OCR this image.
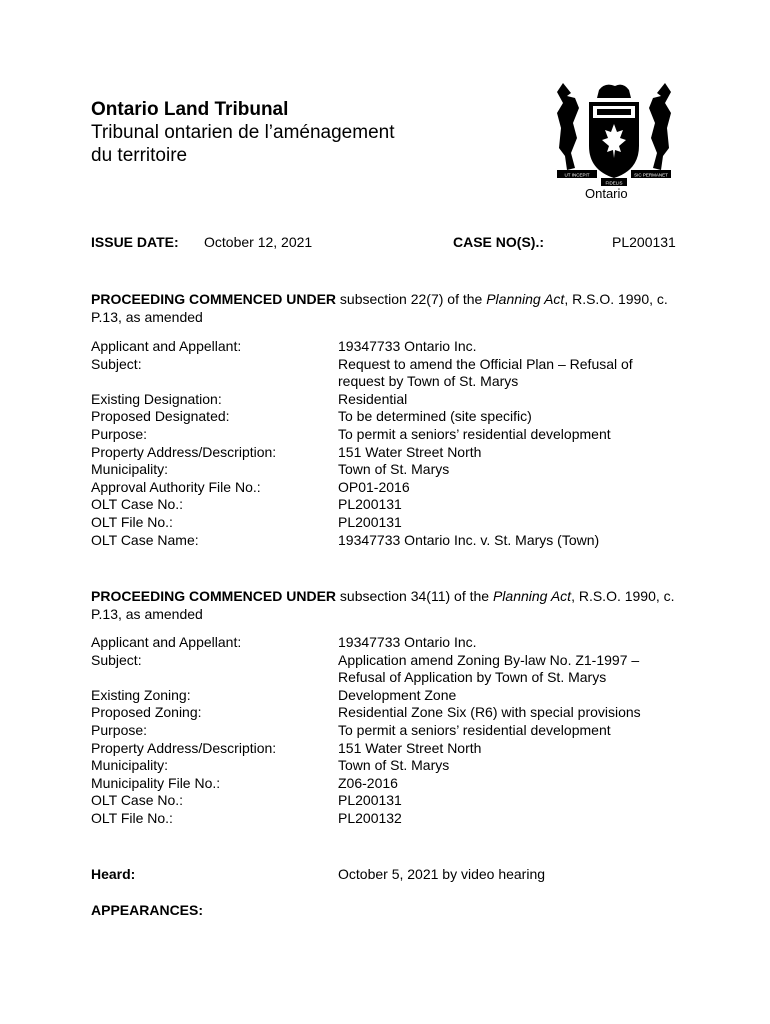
Ontario Land Tribunal
Tribunal ontarien de l’aménagement
du territoire
UT INCEPIT	SIC PERMANET
FIDELIS
Ontario
ISSUE DATE: October 12, 2021	CASE NO(S).:	PL200131
PROCEEDING COMMENCED UNDER subsection 22(7) of the Planning Act, R.S.O. 1990, c. P.13, as amended
Applicant and Appellant:	19347733 Ontario Inc.
Subject:	Request to amend the Official Plan – Refusal of request by Town of St. Marys
Existing Designation:	Residential
Proposed Designated:	To be determined (site specific)
Purpose:	To permit a seniors’ residential development
Property Address/Description:	151 Water Street North
Municipality:	Town of St. Marys
Approval Authority File No.:	OP01-2016
OLT Case No.:	PL200131
OLT File No.:	PL200131
OLT Case Name:	19347733 Ontario Inc. v. St. Marys (Town)
PROCEEDING COMMENCED UNDER subsection 34(11) of the Planning Act, R.S.O. 1990, c. P.13, as amended
Applicant and Appellant:	19347733 Ontario Inc.
Subject:	Application amend Zoning By-law No. Z1-1997 – Refusal of Application by Town of St. Marys
Existing Zoning:	Development Zone
Proposed Zoning:	Residential Zone Six (R6) with special provisions
Purpose:	To permit a seniors’ residential development
Property Address/Description:	151 Water Street North
Municipality:	Town of St. Marys
Municipality File No.:	Z06-2016
OLT Case No.:	PL200131
OLT File No.:	PL200132
Heard:	October 5, 2021 by video hearing
APPEARANCES:
